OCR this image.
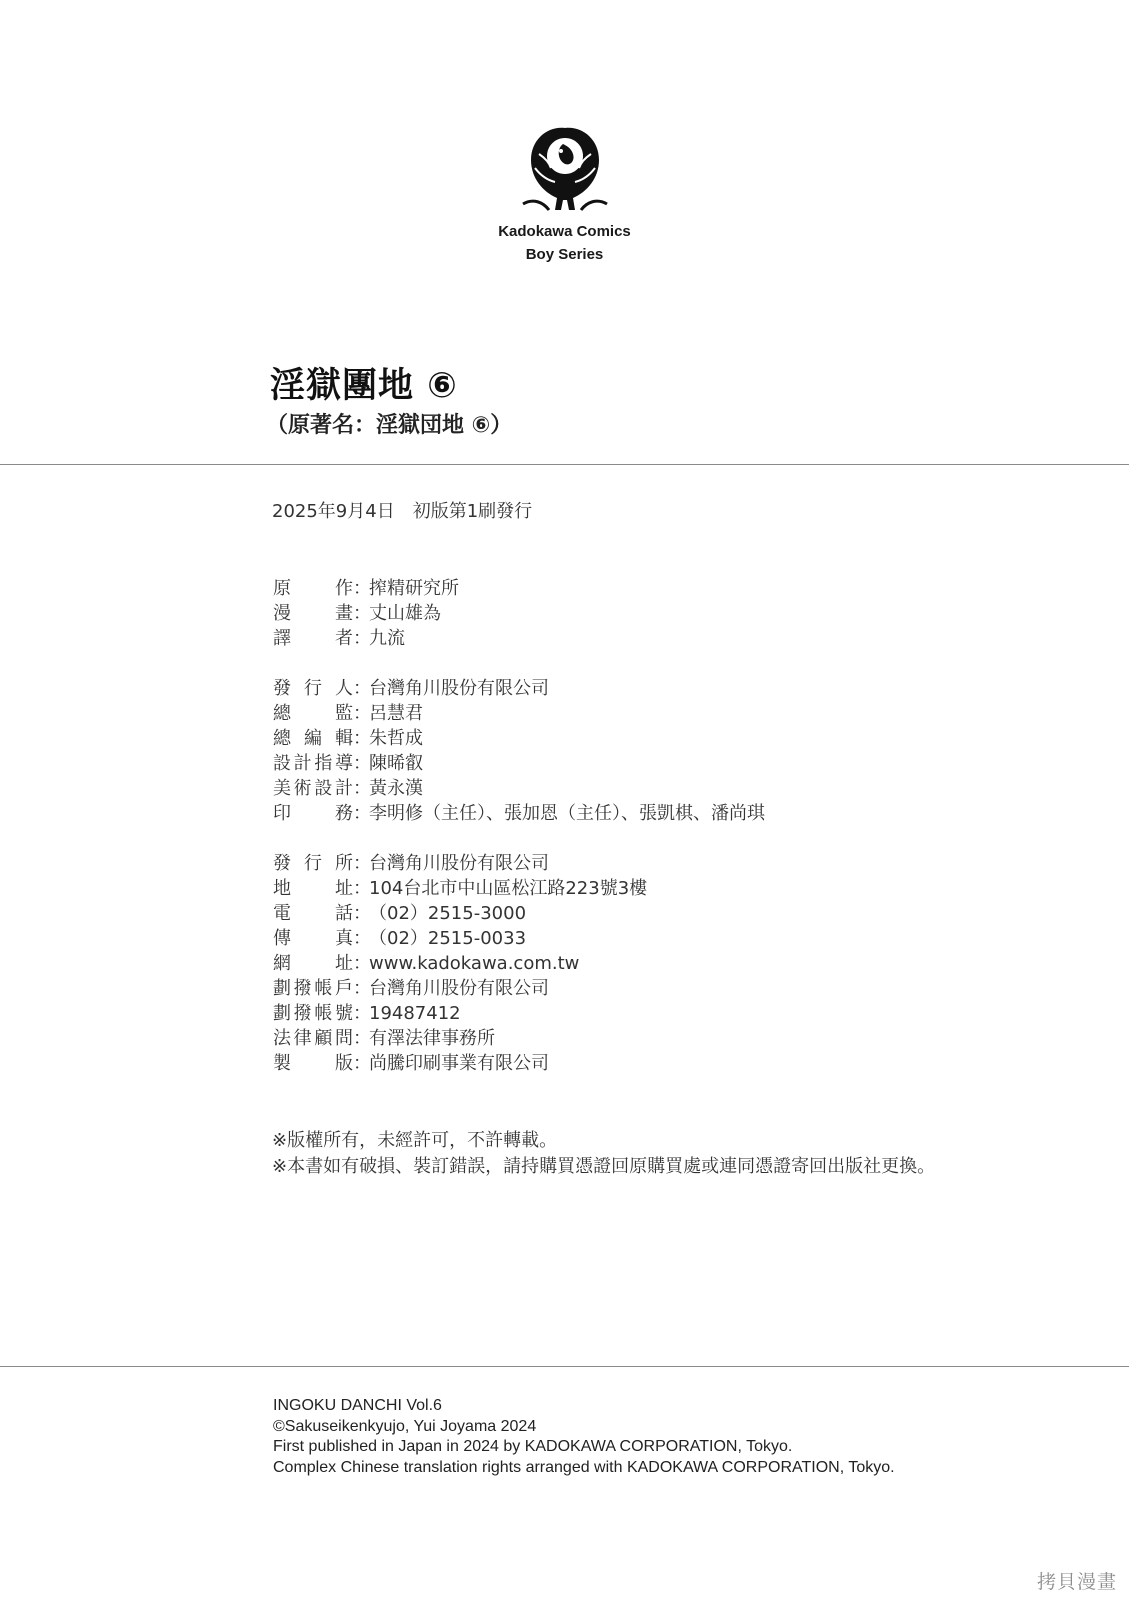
Kadokawa Comics
Boy Series
淫獄團地 ⑥
（原著名：淫獄団地 ⑥）
2025年9月4日　初版第1刷發行
原 作 ：
搾精研究所
漫 畫 ：
丈山雄為
譯 者 ：
九流
發 行 人 ：
台灣角川股份有限公司
總 監 ：
呂慧君
總 編 輯 ：
朱哲成
設 計 指 導 ：
陳晞叡
美 術 設 計 ：
黃永漢
印 務 ：
李明修（主任）、張加恩（主任）、張凱棋、潘尚琪
發 行 所 ：
台灣角川股份有限公司
地 址 ：
104台北市中山區松江路223號3樓
電 話 ：
（02）2515-3000
傳 真 ：
（02）2515-0033
網 址 ：
www.kadokawa.com.tw
劃 撥 帳 戶 ：
台灣角川股份有限公司
劃 撥 帳 號 ：
19487412
法 律 顧 問 ：
有澤法律事務所
製 版 ：
尚騰印刷事業有限公司
※版權所有，未經許可，不許轉載。
※本書如有破損、裝訂錯誤，請持購買憑證回原購買處或連同憑證寄回出版社更換。
INGOKU DANCHI Vol.6
©Sakuseikenkyujo, Yui Joyama 2024
First published in Japan in 2024 by KADOKAWA CORPORATION, Tokyo.
Complex Chinese translation rights arranged with KADOKAWA CORPORATION, Tokyo.
拷貝漫畫
